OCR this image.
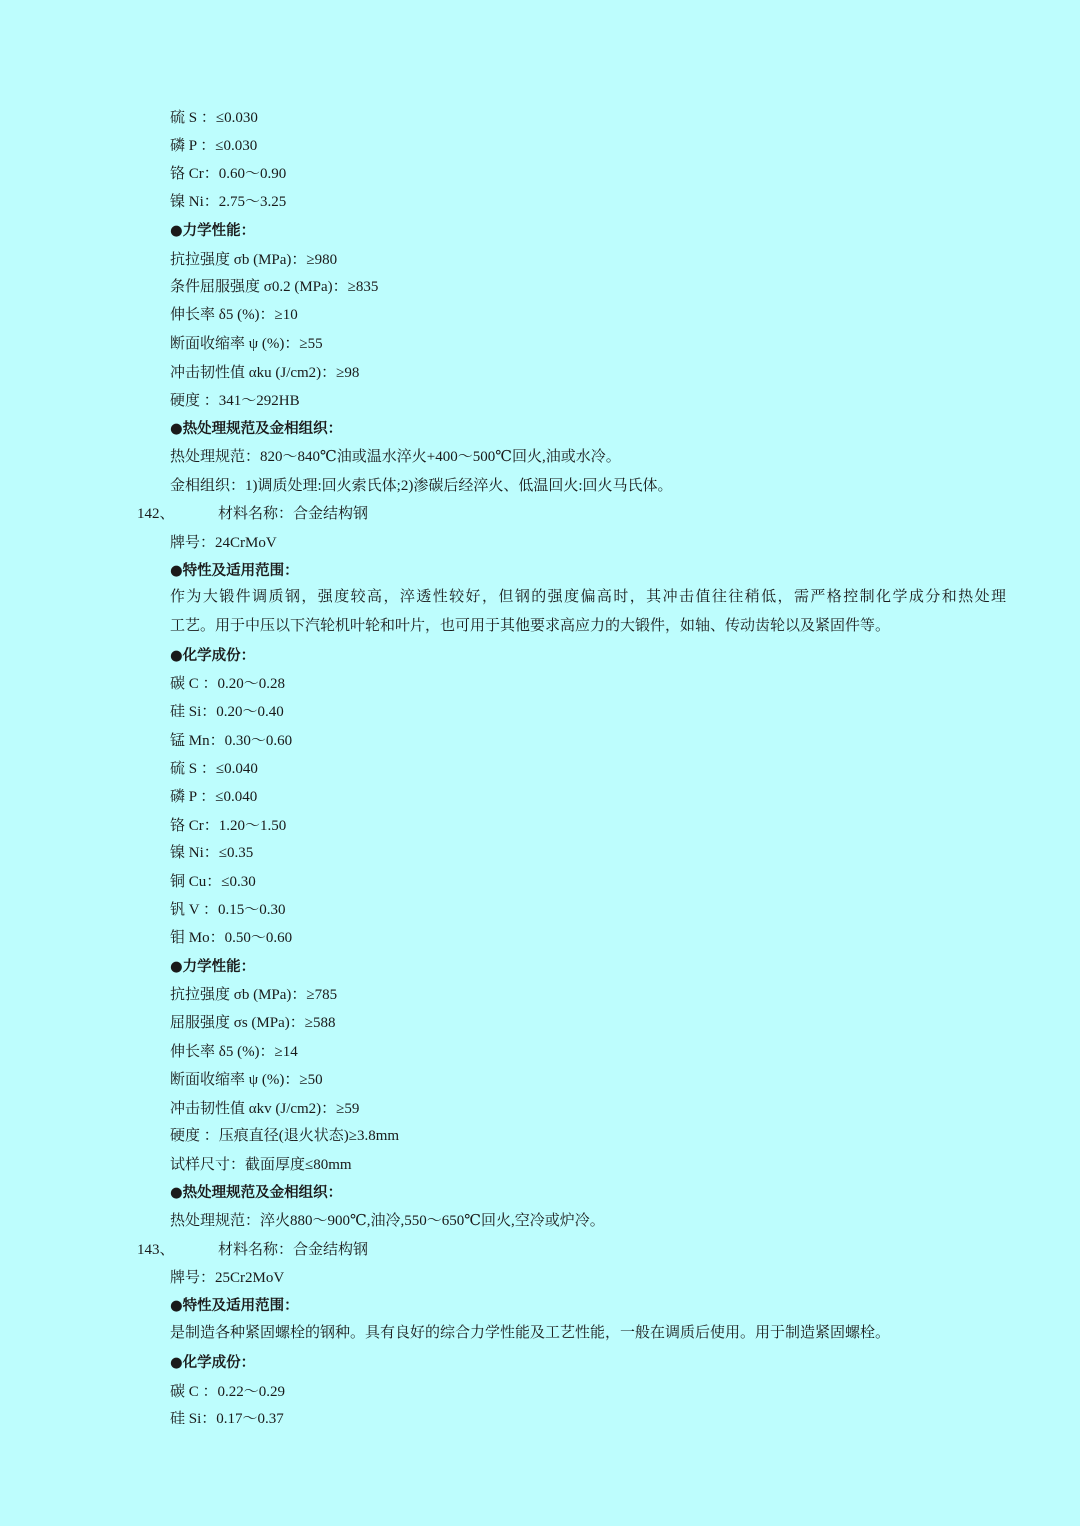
硫 S ：≤0.030
磷 P ：≤0.030
铬 Cr：0.60～0.90
镍 Ni：2.75～3.25
●力学性能：
抗拉强度 σb (MPa)：≥980
条件屈服强度 σ0.2 (MPa)：≥835
伸长率 δ5 (%)：≥10
断面收缩率 ψ (%)：≥55
冲击韧性值 αku (J/cm2)：≥98
硬度 ：341～292HB
●热处理规范及金相组织：
热处理规范：820～840℃油或温水淬火+400～500℃回火,油或水冷。
金相组织：1)调质处理:回火索氏体;2)渗碳后经淬火、低温回火:回火马氏体。
142、	材料名称：合金结构钢
牌号：24CrMoV
●特性及适用范围：
作为大锻件调质钢，强度较高，淬透性较好，但钢的强度偏高时，其冲击值往往稍低，需严格控制化学成分和热处理
工艺。用于中压以下汽轮机叶轮和叶片，也可用于其他要求高应力的大锻件，如轴、传动齿轮以及紧固件等。
●化学成份：
碳 C ：0.20～0.28
硅 Si：0.20～0.40
锰 Mn：0.30～0.60
硫 S ：≤0.040
磷 P ：≤0.040
铬 Cr：1.20～1.50
镍 Ni：≤0.35
铜 Cu：≤0.30
钒 V ：0.15～0.30
钼 Mo：0.50～0.60
●力学性能：
抗拉强度 σb (MPa)：≥785
屈服强度 σs (MPa)：≥588
伸长率 δ5 (%)：≥14
断面收缩率 ψ (%)：≥50
冲击韧性值 αkv (J/cm2)：≥59
硬度 ：压痕直径(退火状态)≥3.8mm
试样尺寸：截面厚度≤80mm
●热处理规范及金相组织：
热处理规范：淬火880～900℃,油冷,550～650℃回火,空冷或炉冷。
143、	材料名称：合金结构钢
牌号：25Cr2MoV
●特性及适用范围：
是制造各种紧固螺栓的钢种。具有良好的综合力学性能及工艺性能，一般在调质后使用。用于制造紧固螺栓。
●化学成份：
碳 C ：0.22～0.29
硅 Si：0.17～0.37
